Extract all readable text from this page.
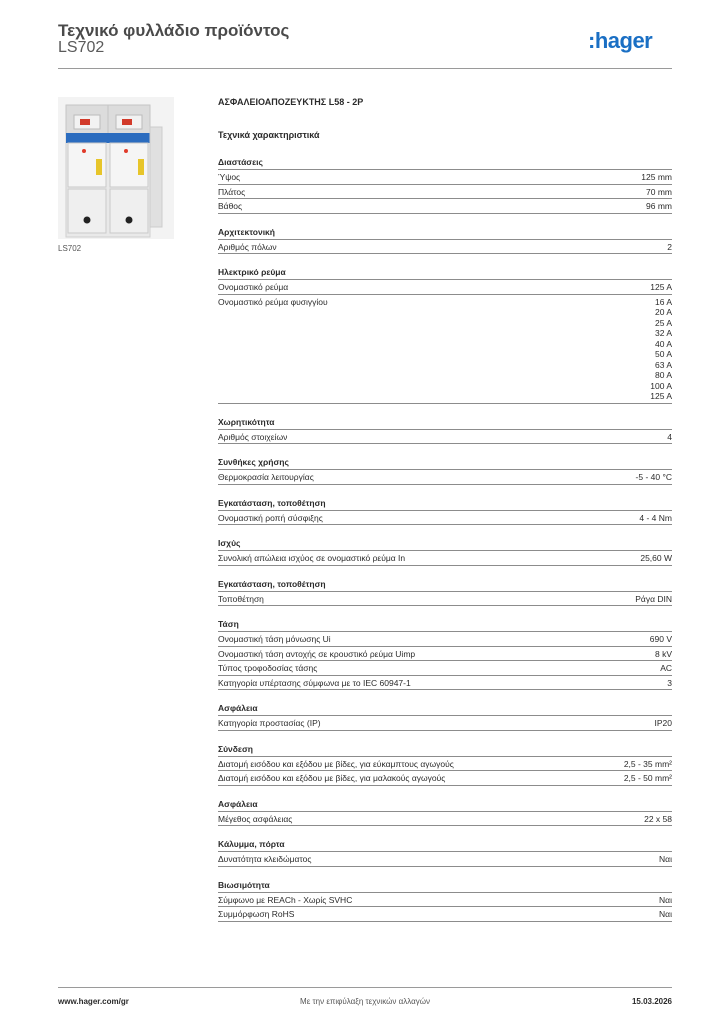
Τεχνικό φυλλάδιο προϊόντος
LS702	:hager
LS702
ΑΣΦΑΛΕΙΟΑΠΟΖΕΥΚΤΗΣ L58 - 2P
Τεχνικά χαρακτηριστικά
Διαστάσεις
Ύψος	125 mm
Πλάτος	70 mm
Βάθος	96 mm
Αρχιτεκτονική
Αριθμός πόλων	2
Ηλεκτρικό ρεύμα
Ονομαστικό ρεύμα	125 A
Ονομαστικό ρεύμα φυσιγγίου	16 A
20 A
25 A
32 A
40 A
50 A
63 A
80 A
100 A
125 A
Χωρητικότητα
Αριθμός στοιχείων	4
Συνθήκες χρήσης
Θερμοκρασία λειτουργίας	-5 - 40 °C
Εγκατάσταση, τοποθέτηση
Ονομαστική ροπή σύσφιξης	4 - 4 Nm
Ισχύς
Συνολική απώλεια ισχύος σε ονομαστικό ρεύμα In	25,60 W
Εγκατάσταση, τοποθέτηση
Τοποθέτηση	Ράγα DIN
Τάση
Ονομαστική τάση μόνωσης Ui	690 V
Ονομαστική τάση αντοχής σε κρουστικό ρεύμα Uimp	8 kV
Τύπος τροφοδοσίας τάσης	AC
Κατηγορία υπέρτασης σύμφωνα με το IEC 60947-1	3
Ασφάλεια
Κατηγορία προστασίας (IP)	IP20
Σύνδεση
Διατομή εισόδου και εξόδου με βίδες, για εύκαμπτους αγωγούς	2,5 - 35 mm²
Διατομή εισόδου και εξόδου με βίδες, για μαλακούς αγωγούς	2,5 - 50 mm²
Ασφάλεια
Μέγεθος ασφάλειας	22 x 58
Κάλυμμα, πόρτα
Δυνατότητα κλειδώματος	Ναι
Βιωσιμότητα
Σύμφωνο με REACh - Χωρίς SVHC	Ναι
Συμμόρφωση RoHS	Ναι
www.hager.com/gr	Με την επιφύλαξη τεχνικών αλλαγών	15.03.2026
